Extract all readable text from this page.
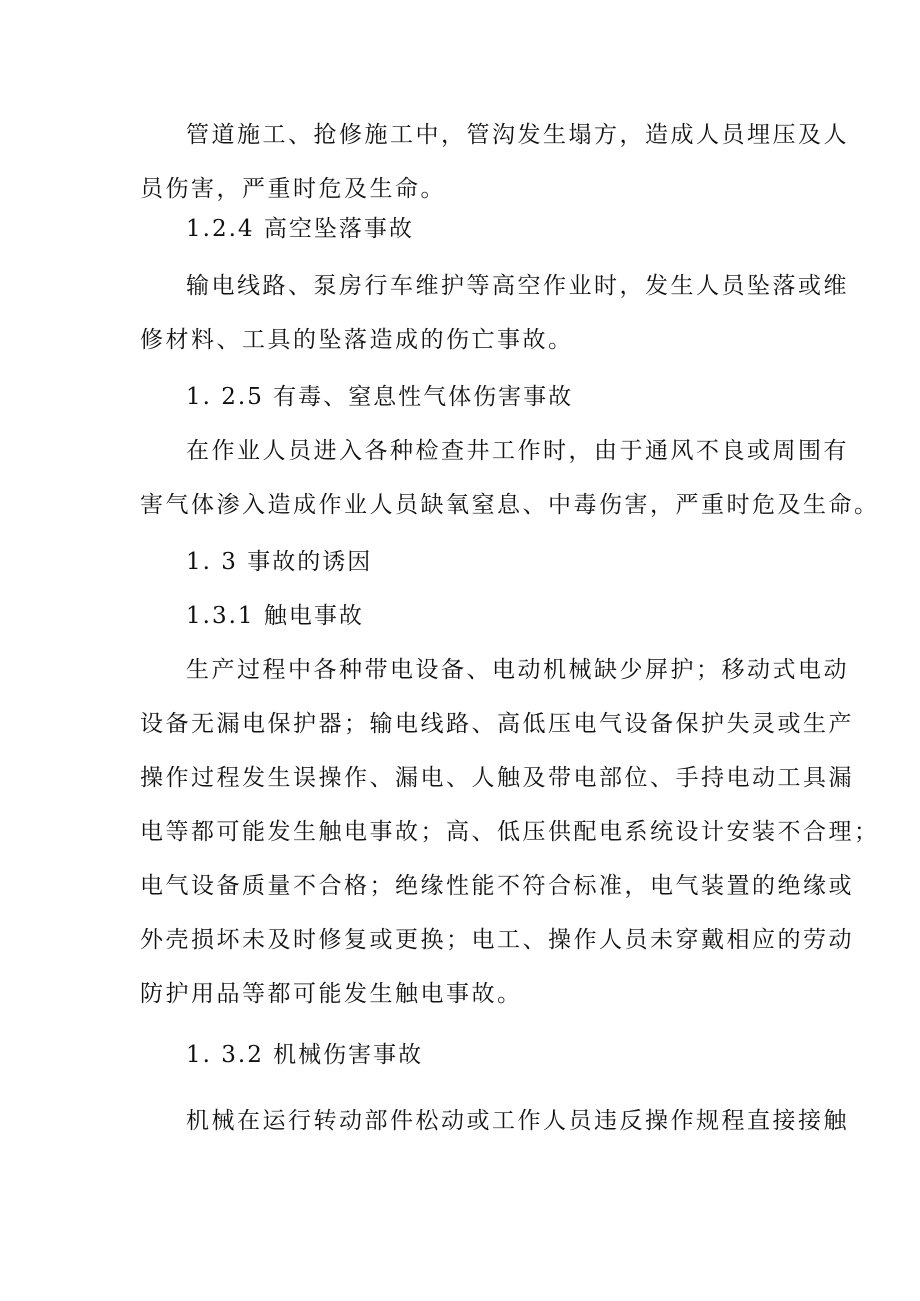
管道施工、抢修施工中，管沟发生塌方，造成人员埋压及人
员伤害，严重时危及生命。
1.2.4 高空坠落事故
输电线路、泵房行车维护等高空作业时，发生人员坠落或维
修材料、工具的坠落造成的伤亡事故。
1. 2.5 有毒、窒息性气体伤害事故
在作业人员进入各种检查井工作时，由于通风不良或周围有
害气体渗入造成作业人员缺氧窒息、中毒伤害，严重时危及生命。
1. 3 事故的诱因
1.3.1 触电事故
生产过程中各种带电设备、电动机械缺少屏护；移动式电动
设备无漏电保护器；输电线路、高低压电气设备保护失灵或生产
操作过程发生误操作、漏电、人触及带电部位、手持电动工具漏
电等都可能发生触电事故；高、低压供配电系统设计安装不合理；
电气设备质量不合格；绝缘性能不符合标准，电气装置的绝缘或
外壳损坏未及时修复或更换；电工、操作人员未穿戴相应的劳动
防护用品等都可能发生触电事故。
1. 3.2 机械伤害事故
机械在运行转动部件松动或工作人员违反操作规程直接接触
